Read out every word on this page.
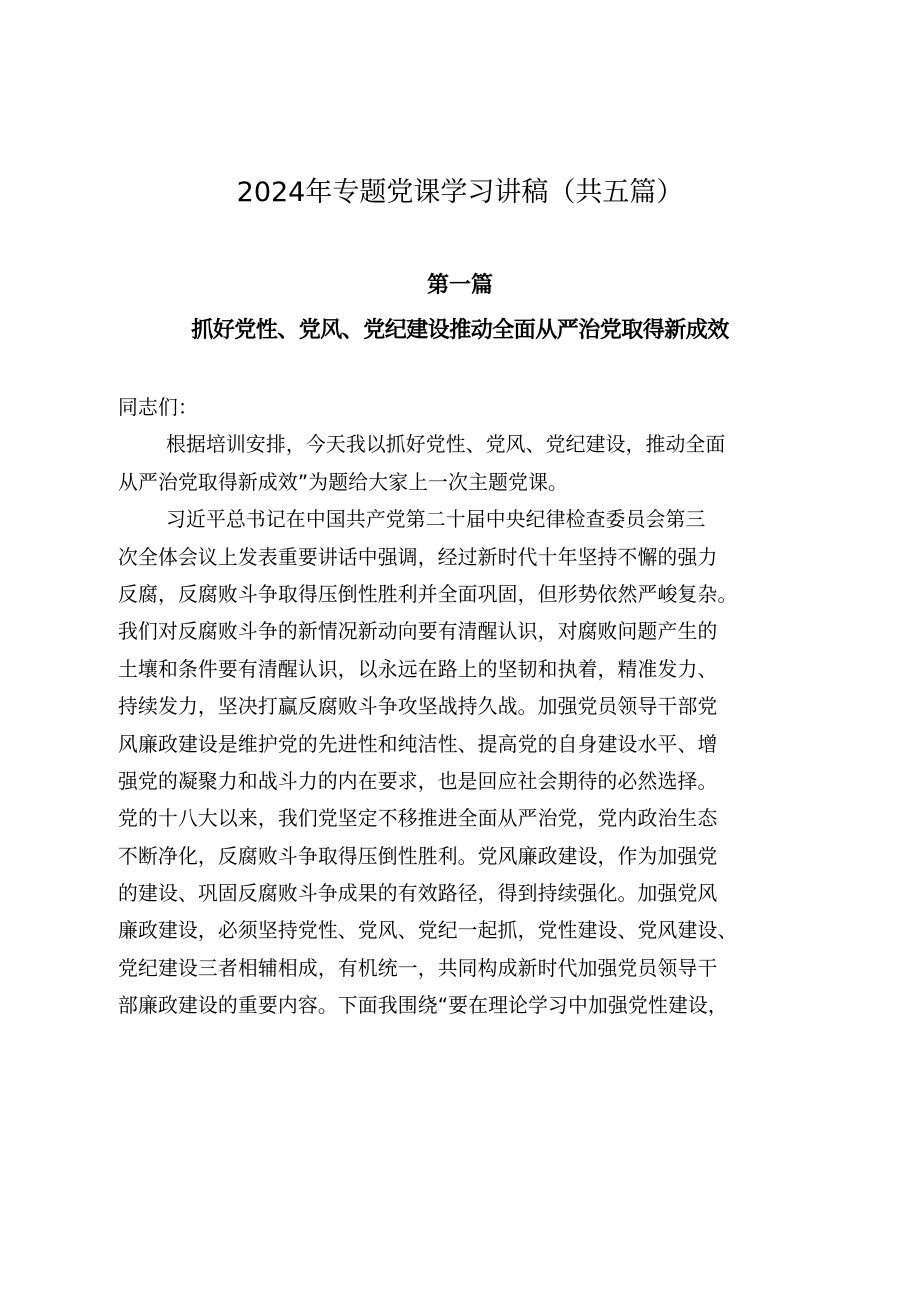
2024年专题党课学习讲稿（共五篇）
第一篇
抓好党性、党风、党纪建设推动全面从严治党取得新成效
同志们：
根据培训安排，今天我以抓好党性、党风、党纪建设，推动全面
从严治党取得新成效”为题给大家上一次主题党课。
习近平总书记在中国共产党第二十届中央纪律检查委员会第三
次全体会议上发表重要讲话中强调，经过新时代十年坚持不懈的强力
反腐，反腐败斗争取得压倒性胜利并全面巩固，但形势依然严峻复杂。
我们对反腐败斗争的新情况新动向要有清醒认识，对腐败问题产生的
土壤和条件要有清醒认识，以永远在路上的坚韧和执着，精准发力、
持续发力，坚决打赢反腐败斗争攻坚战持久战。加强党员领导干部党
风廉政建设是维护党的先进性和纯洁性、提高党的自身建设水平、增
强党的凝聚力和战斗力的内在要求，也是回应社会期待的必然选择。
党的十八大以来，我们党坚定不移推进全面从严治党，党内政治生态
不断净化，反腐败斗争取得压倒性胜利。党风廉政建设，作为加强党
的建设、巩固反腐败斗争成果的有效路径，得到持续强化。加强党风
廉政建设，必须坚持党性、党风、党纪一起抓，党性建设、党风建设、
党纪建设三者相辅相成，有机统一，共同构成新时代加强党员领导干
部廉政建设的重要内容。下面我围绕“要在理论学习中加强党性建设，
